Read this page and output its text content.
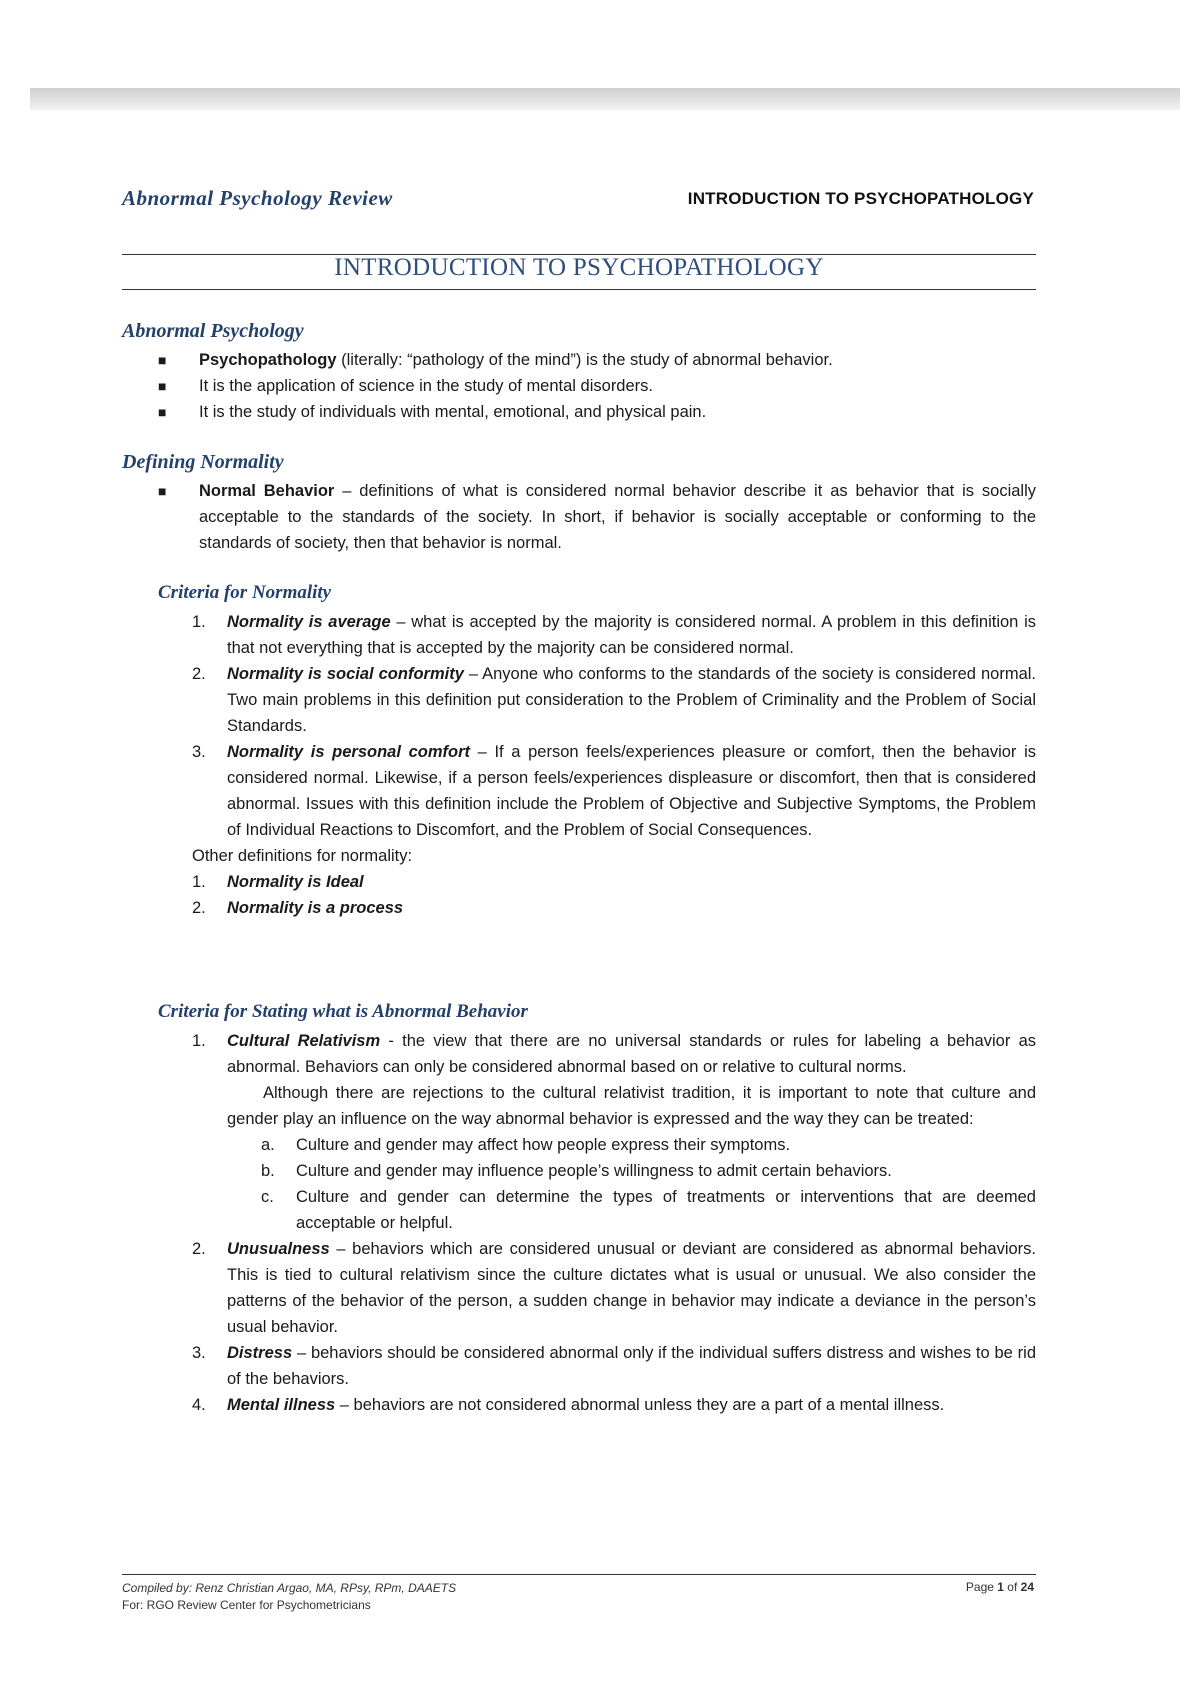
Abnormal Psychology Review	INTRODUCTION TO PSYCHOPATHOLOGY
INTRODUCTION TO PSYCHOPATHOLOGY
Abnormal Psychology
■ Psychopathology (literally: “pathology of the mind”) is the study of abnormal behavior.
■ It is the application of science in the study of mental disorders.
■ It is the study of individuals with mental, emotional, and physical pain.
Defining Normality
■ Normal Behavior – definitions of what is considered normal behavior describe it as behavior that is socially acceptable to the standards of the society. In short, if behavior is socially acceptable or conforming to the standards of society, then that behavior is normal.
Criteria for Normality
1. Normality is average – what is accepted by the majority is considered normal. A problem in this definition is that not everything that is accepted by the majority can be considered normal.
2. Normality is social conformity – Anyone who conforms to the standards of the society is considered normal. Two main problems in this definition put consideration to the Problem of Criminality and the Problem of Social Standards.
3. Normality is personal comfort – If a person feels/experiences pleasure or comfort, then the behavior is considered normal. Likewise, if a person feels/experiences displeasure or discomfort, then that is considered abnormal. Issues with this definition include the Problem of Objective and Subjective Symptoms, the Problem of Individual Reactions to Discomfort, and the Problem of Social Consequences.
Other definitions for normality:
1. Normality is Ideal
2. Normality is a process
Criteria for Stating what is Abnormal Behavior
1. Cultural Relativism - the view that there are no universal standards or rules for labeling a behavior as abnormal. Behaviors can only be considered abnormal based on or relative to cultural norms.
Although there are rejections to the cultural relativist tradition, it is important to note that culture and gender play an influence on the way abnormal behavior is expressed and the way they can be treated:
a. Culture and gender may affect how people express their symptoms.
b. Culture and gender may influence people’s willingness to admit certain behaviors.
c. Culture and gender can determine the types of treatments or interventions that are deemed acceptable or helpful.
2. Unusualness – behaviors which are considered unusual or deviant are considered as abnormal behaviors. This is tied to cultural relativism since the culture dictates what is usual or unusual. We also consider the patterns of the behavior of the person, a sudden change in behavior may indicate a deviance in the person’s usual behavior.
3. Distress – behaviors should be considered abnormal only if the individual suffers distress and wishes to be rid of the behaviors.
4. Mental illness – behaviors are not considered abnormal unless they are a part of a mental illness.
Compiled by: Renz Christian Argao, MA, RPsy, RPm, DAAETS
For: RGO Review Center for Psychometricians
Page 1 of 24
